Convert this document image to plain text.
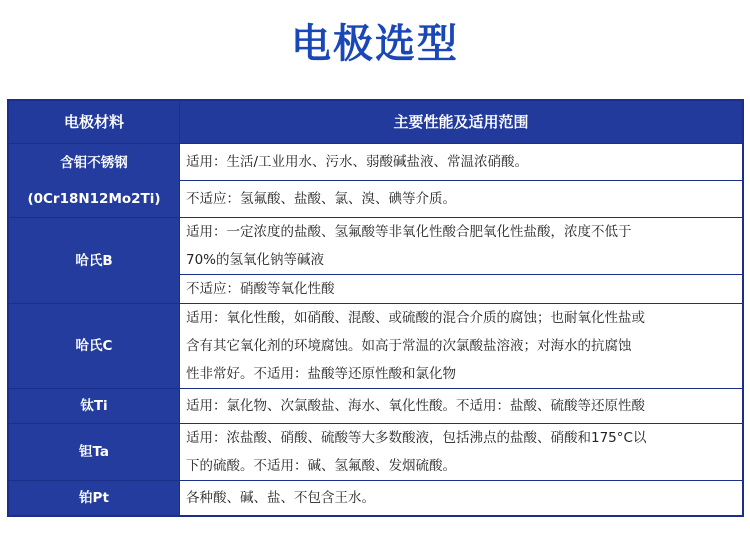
电极选型
电极材料	主要性能及适用范围

含钼不锈钢
(0Cr18N12Mo2Ti)	适用：生活/工业用水、污水、弱酸碱盐液、常温浓硝酸。

	不适应：氢氟酸、盐酸、氯、溴、碘等介质。

哈氏B	适用：一定浓度的盐酸、氢氟酸等非氧化性酸合肥氧化性盐酸，浓度不低于
70%的氢氧化钠等碱液

	不适应：硝酸等氧化性酸

哈氏C	适用：氧化性酸，如硝酸、混酸、或硫酸的混合介质的腐蚀；也耐氧化性盐或
含有其它氧化剂的环境腐蚀。如高于常温的次氯酸盐溶液；对海水的抗腐蚀
性非常好。不适用：盐酸等还原性酸和氯化物

钛Ti	适用：氯化物、次氯酸盐、海水、氧化性酸。不适用：盐酸、硫酸等还原性酸

钽Ta	适用：浓盐酸、硝酸、硫酸等大多数酸液，包括沸点的盐酸、硝酸和175°C以
下的硫酸。不适用：碱、氢氟酸、发烟硫酸。

铂Pt	各种酸、碱、盐、不包含王水。
